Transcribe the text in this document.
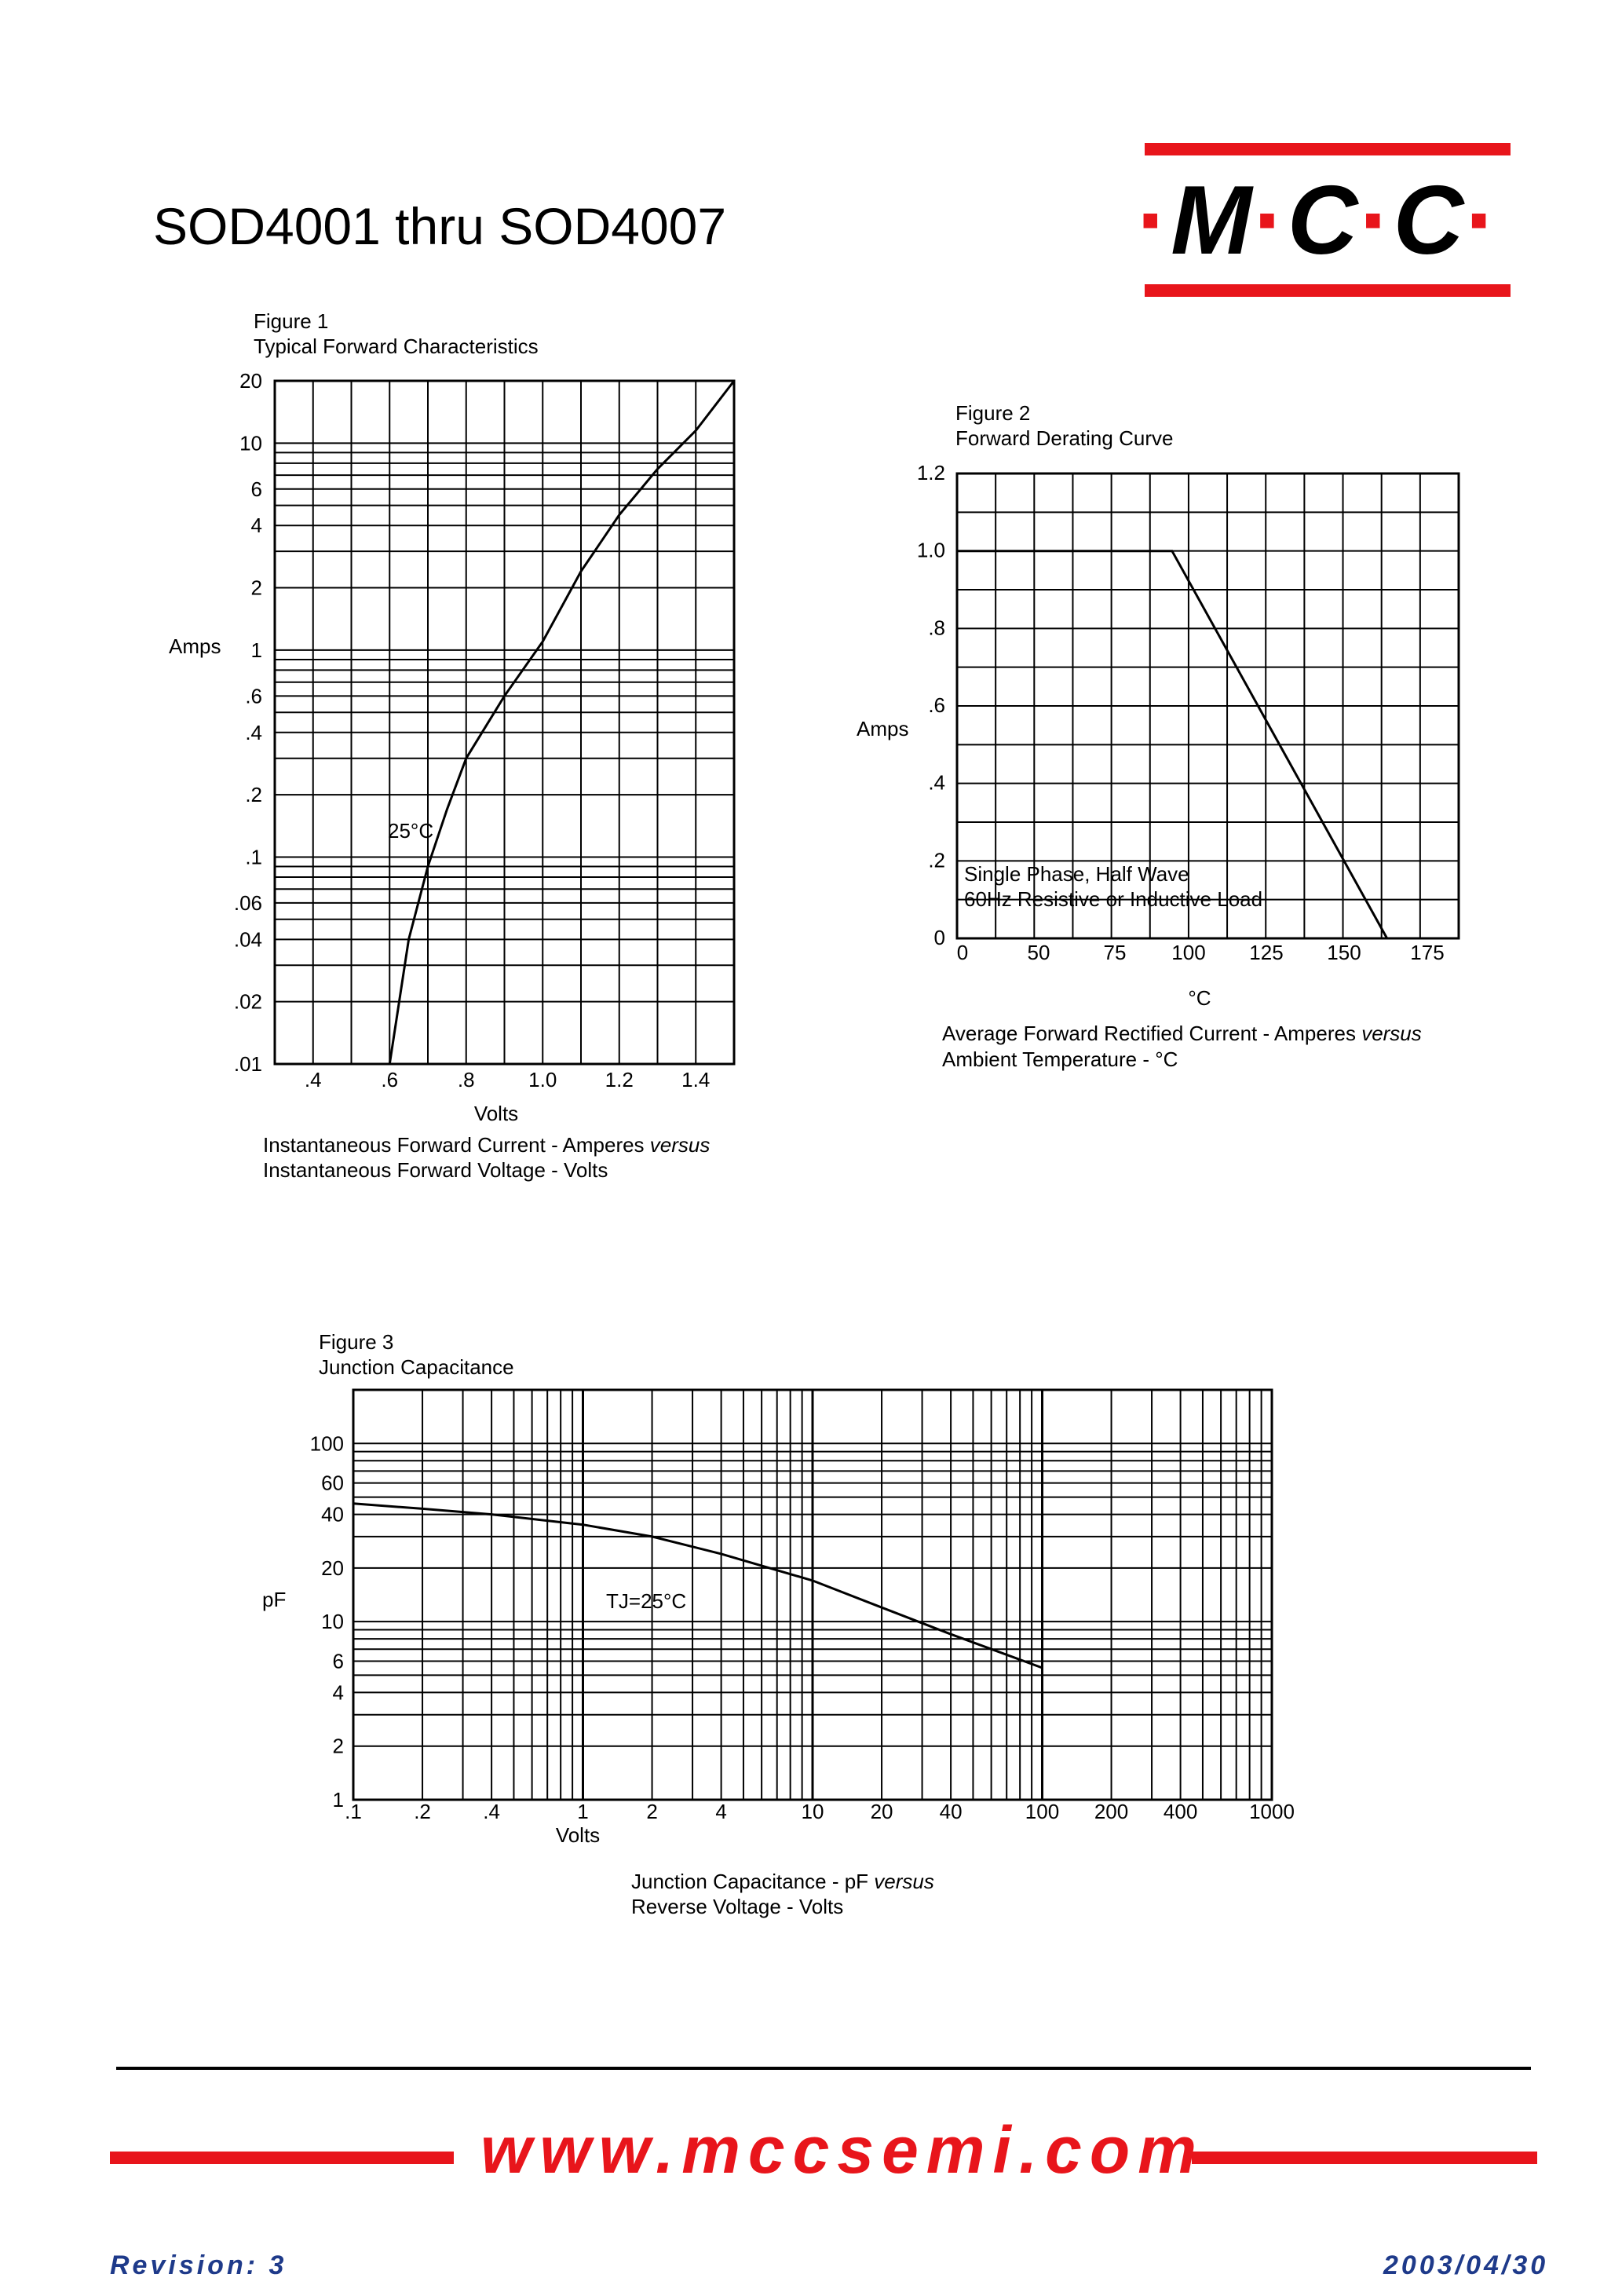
SOD4001 thru SOD4007	·M·C·C·
Figure 1
Typical Forward Characteristics
20
10
6
4
2
1
.6
.4
.2
.1
.06
.04
.02
.01
.4	.6	.8	1.0 1.2 1.4
Amps
Volts
25°C
1.2
1.0
.8
.6
.4
.2
0
0	50	75 100 125 150 175
Amps
°C
Single Phase, Half Wave
60Hz Resistive or Inductive Load
Instantaneous Forward Current - Amperes versus
Instantaneous Forward Voltage - Volts
Figure 2
Forward Derating Curve
Average Forward Rectified Current - Amperes versus
Ambient Temperature - °C
Figure 3
Junction Capacitance
100
60
40
20
10
6
4
2
1 .1	.2	.4	1	2	4	10 20 40	100 200 400	1000
pF
Volts
TJ=25°C
Junction Capacitance - pF versus
Reverse Voltage - Volts
www.mccsemi.com
Revision: 3	2003/04/30
